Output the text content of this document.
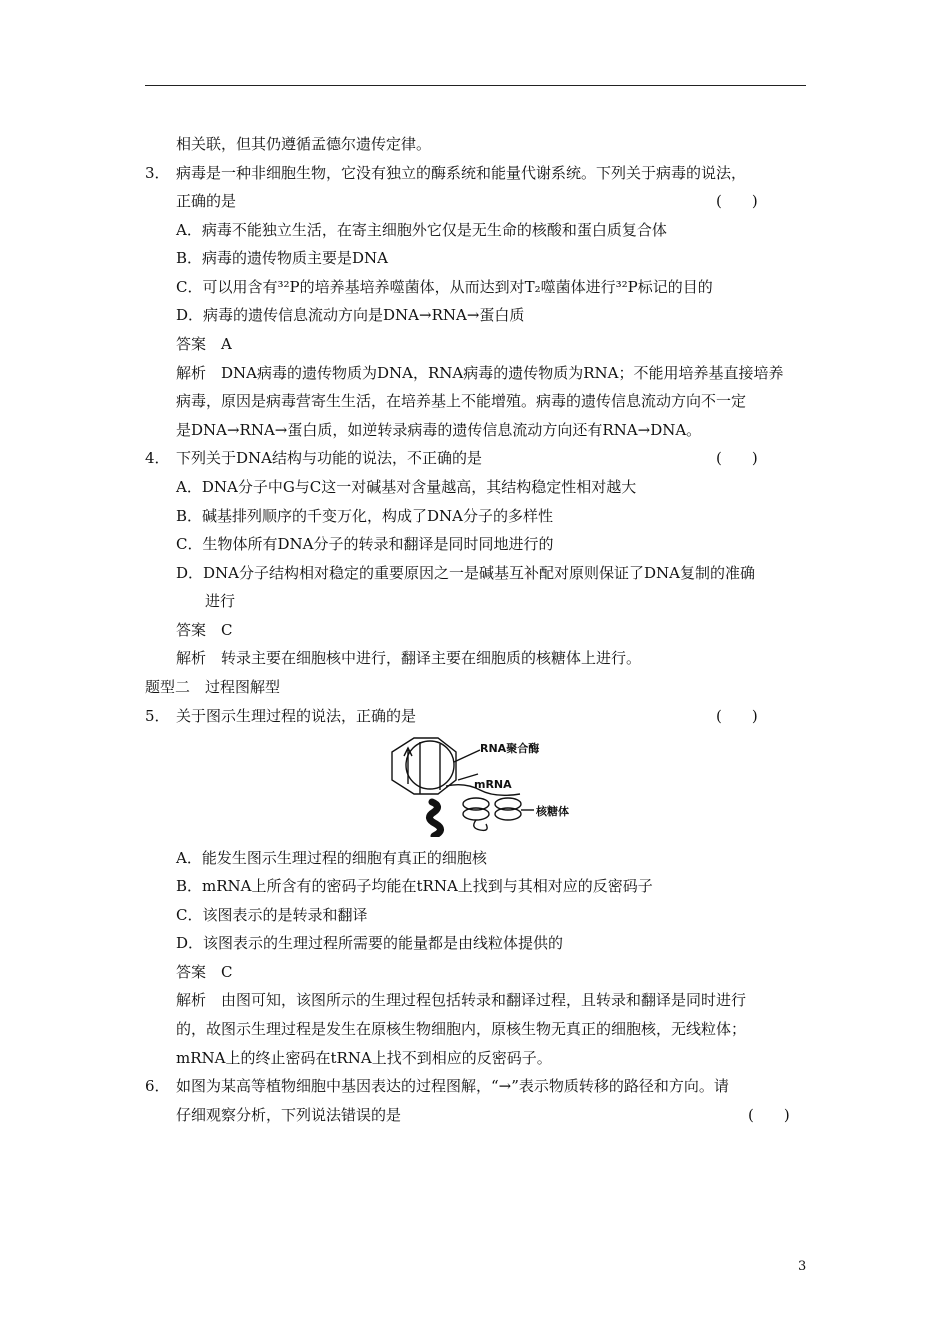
相关联，但其仍遵循孟德尔遗传定律。
3． 病毒是一种非细胞生物，它没有独立的酶系统和能量代谢系统。下列关于病毒的说法，
正确的是	(　　)
A．病毒不能独立生活，在寄主细胞外它仅是无生命的核酸和蛋白质复合体
B．病毒的遗传物质主要是DNA
C．可以用含有³²P的培养基培养噬菌体，从而达到对T₂噬菌体进行³²P标记的目的
D．病毒的遗传信息流动方向是DNA→RNA→蛋白质
答案　A
解析　DNA病毒的遗传物质为DNA，RNA病毒的遗传物质为RNA；不能用培养基直接培养
病毒，原因是病毒营寄生生活，在培养基上不能增殖。病毒的遗传信息流动方向不一定
是DNA→RNA→蛋白质，如逆转录病毒的遗传信息流动方向还有RNA→DNA。
4． 下列关于DNA结构与功能的说法，不正确的是	(　　)
A．DNA分子中G与C这一对碱基对含量越高，其结构稳定性相对越大
B．碱基排列顺序的千变万化，构成了DNA分子的多样性
C．生物体所有DNA分子的转录和翻译是同时同地进行的
D．DNA分子结构相对稳定的重要原因之一是碱基互补配对原则保证了DNA复制的准确
进行
答案　C
解析　转录主要在细胞核中进行，翻译主要在细胞质的核糖体上进行。
题型二　过程图解型
5． 关于图示生理过程的说法，正确的是	(　　)
RNA聚合酶
mRNA
核糖体
A．能发生图示生理过程的细胞有真正的细胞核
B．mRNA上所含有的密码子均能在tRNA上找到与其相对应的反密码子
C．该图表示的是转录和翻译
D．该图表示的生理过程所需要的能量都是由线粒体提供的
答案　C
解析　由图可知，该图所示的生理过程包括转录和翻译过程，且转录和翻译是同时进行
的，故图示生理过程是发生在原核生物细胞内，原核生物无真正的细胞核，无线粒体；
mRNA上的终止密码在tRNA上找不到相应的反密码子。
6． 如图为某高等植物细胞中基因表达的过程图解，“→”表示物质转移的路径和方向。请
仔细观察分析，下列说法错误的是	(　　)
3
